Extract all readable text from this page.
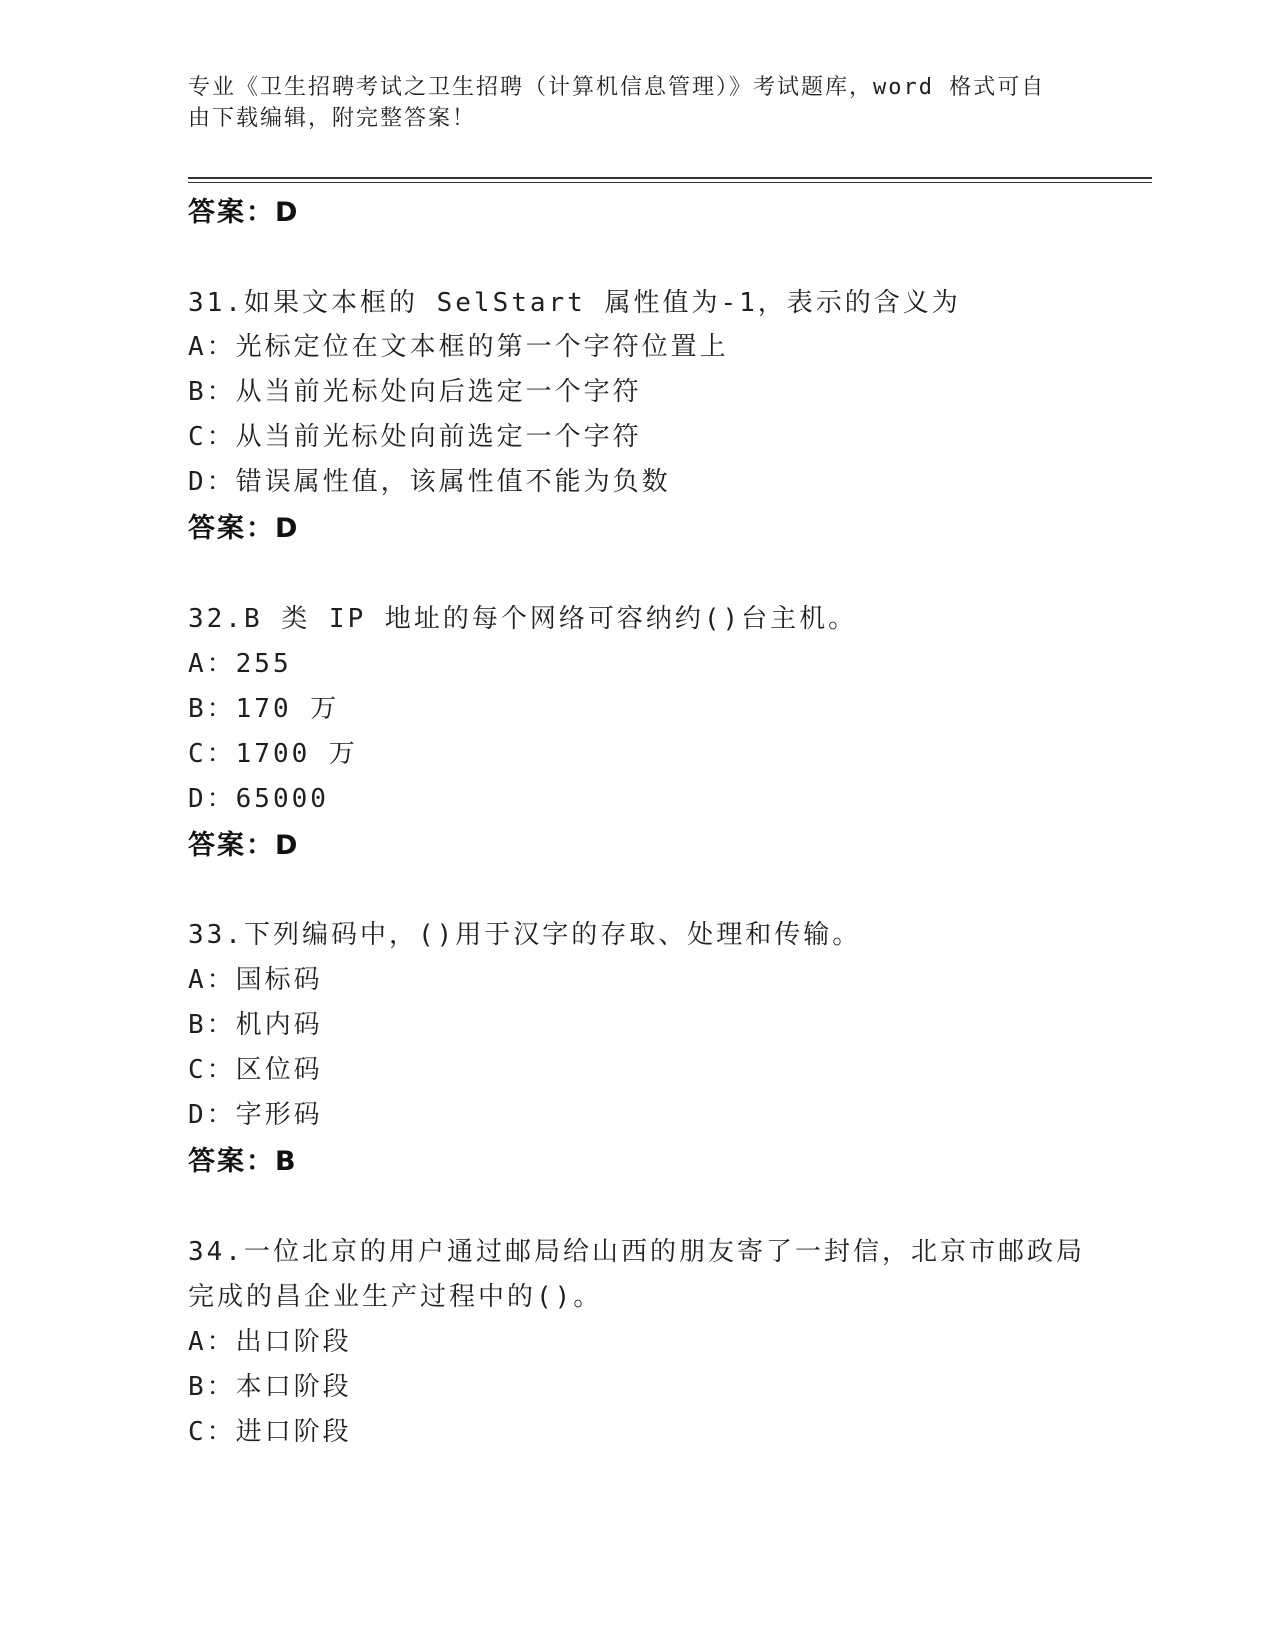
专业《卫生招聘考试之卫生招聘（计算机信息管理）》考试题库，word 格式可自
由下载编辑，附完整答案！
答案：D
31.如果文本框的 SelStart 属性值为-1，表示的含义为
A：光标定位在文本框的第一个字符位置上
B：从当前光标处向后选定一个字符
C：从当前光标处向前选定一个字符
D：错误属性值，该属性值不能为负数
答案：D
32.B 类 IP 地址的每个网络可容纳约()台主机。
A：255
B：170 万
C：1700 万
D：65000
答案：D
33.下列编码中，()用于汉字的存取、处理和传输。
A：国标码
B：机内码
C：区位码
D：字形码
答案：B
34.一位北京的用户通过邮局给山西的朋友寄了一封信，北京市邮政局
完成的昌企业生产过程中的()。
A：出口阶段
B：本口阶段
C：进口阶段
